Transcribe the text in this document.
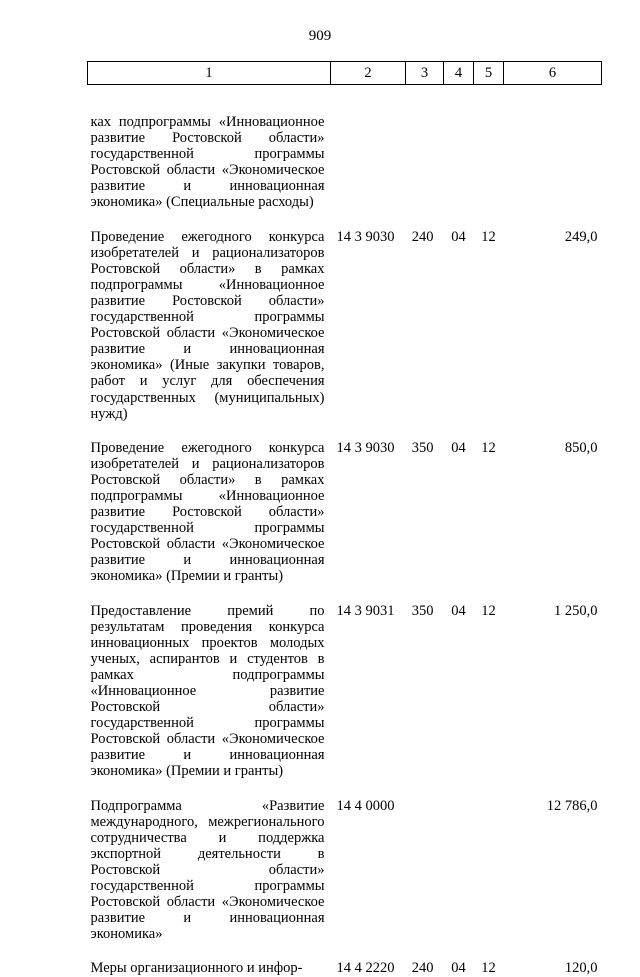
909
1	2	3	4	5	6
ках подпрограммы «Инновационное развитие Ростовской области» государственной программы Ростовской области «Экономическое развитие и инновационная экономика» (Специальные расходы)					

Проведение ежегодного конкурса изобретателей и рационализаторов Ростовской области» в рамках подпрограммы «Инновационное развитие Ростовской области» государственной программы Ростовской области «Экономическое развитие и инновационная экономика» (Иные закупки товаров, работ и услуг для обеспечения государственных (муниципальных) нужд)	14 3 9030	240	04	12	249,0

Проведение ежегодного конкурса изобретателей и рационализаторов Ростовской области» в рамках подпрограммы «Инновационное развитие Ростовской области» государственной программы Ростовской области «Экономическое развитие и инновационная экономика» (Премии и гранты)	14 3 9030	350	04	12	850,0

Предоставление премий по результатам проведения конкурса инновационных проектов молодых ученых, аспирантов и студентов в рамках подпрограммы «Инновационное развитие Ростовской области» государственной программы Ростовской области «Экономическое развитие и инновационная экономика» (Премии и гранты)	14 3 9031	350	04	12	1 250,0

Подпрограмма «Развитие международного, межрегионального сотрудничества и поддержка экспортной деятельности в Ростовской области» государственной программы Ростовской области «Экономическое развитие и инновационная экономика»	14 4 0000				12 786,0

Меры организационного и инфор-	14 4 2220	240	04	12	120,0
